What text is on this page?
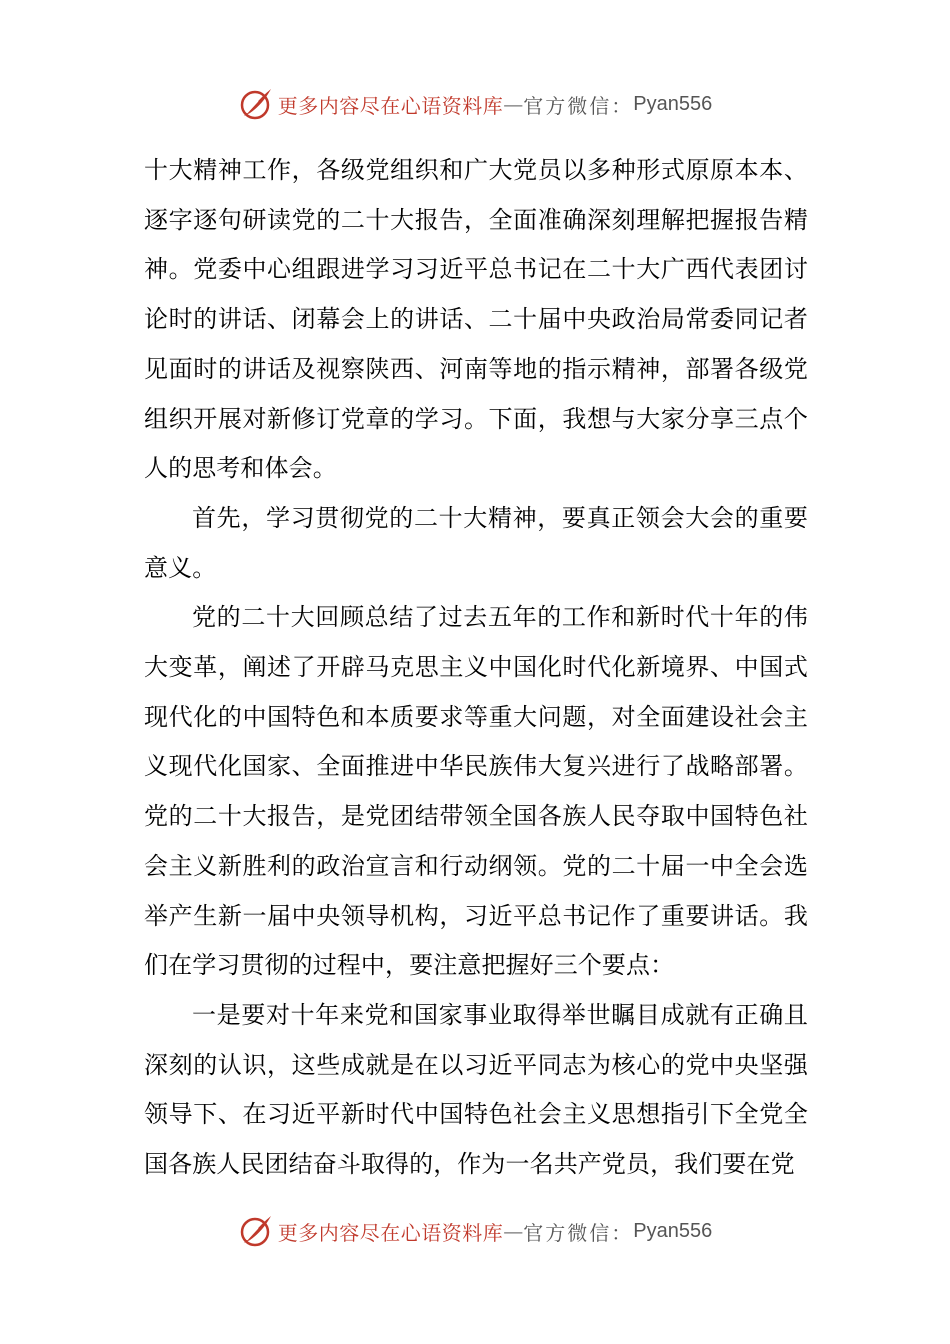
更多内容尽在心语资料库 — 官方微信： Pyan556

十大精神工作，各级党组织和广大党员以多种形式原原本本、逐字逐句研读党的二十大报告，全面准确深刻理解把握报告精神。党委中心组跟进学习习近平总书记在二十大广西代表团讨论时的讲话、闭幕会上的讲话、二十届中央政治局常委同记者见面时的讲话及视察陕西、河南等地的指示精神，部署各级党组织开展对新修订党章的学习。下面，我想与大家分享三点个人的思考和体会。

首先，学习贯彻党的二十大精神，要真正领会大会的重要意义。

党的二十大回顾总结了过去五年的工作和新时代十年的伟大变革，阐述了开辟马克思主义中国化时代化新境界、中国式现代化的中国特色和本质要求等重大问题，对全面建设社会主义现代化国家、全面推进中华民族伟大复兴进行了战略部署。党的二十大报告，是党团结带领全国各族人民夺取中国特色社会主义新胜利的政治宣言和行动纲领。党的二十届一中全会选举产生新一届中央领导机构，习近平总书记作了重要讲话。我们在学习贯彻的过程中，要注意把握好三个要点：

一是要对十年来党和国家事业取得举世瞩目成就有正确且深刻的认识，这些成就是在以习近平同志为核心的党中央坚强领导下、在习近平新时代中国特色社会主义思想指引下全党全国各族人民团结奋斗取得的，作为一名共产党员，我们要在党

更多内容尽在心语资料库 — 官方微信： Pyan556
